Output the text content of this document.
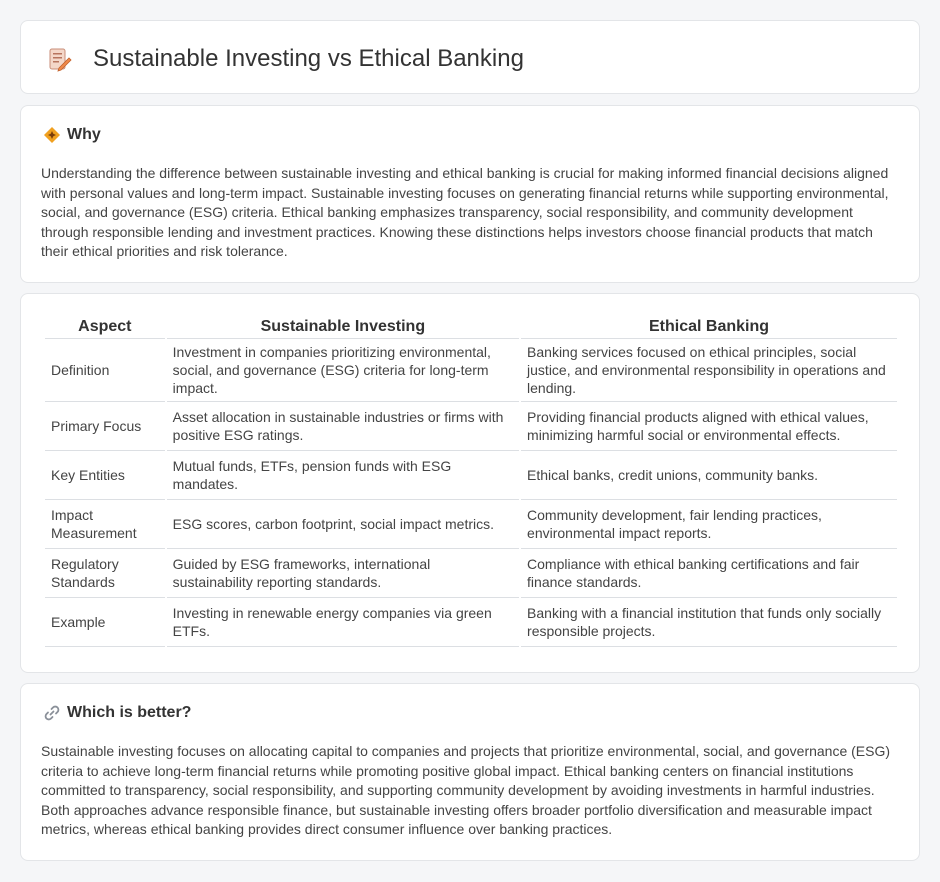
Sustainable Investing vs Ethical Banking
Why

Understanding the difference between sustainable investing and ethical banking is crucial for making informed financial decisions aligned with personal values and long-term impact. Sustainable investing focuses on generating financial returns while supporting environmental, social, and governance (ESG) criteria. Ethical banking emphasizes transparency, social responsibility, and community development through responsible lending and investment practices. Knowing these distinctions helps investors choose financial products that match their ethical priorities and risk tolerance.

Aspect	Sustainable Investing	Ethical Banking
Definition	Investment in companies prioritizing environmental, social, and governance (ESG) criteria for long-term impact.	Banking services focused on ethical principles, social justice, and environmental responsibility in operations and lending.
Primary Focus	Asset allocation in sustainable industries or firms with positive ESG ratings.	Providing financial products aligned with ethical values, minimizing harmful social or environmental effects.
Key Entities	Mutual funds, ETFs, pension funds with ESG mandates.	Ethical banks, credit unions, community banks.
Impact Measurement	ESG scores, carbon footprint, social impact metrics.	Community development, fair lending practices, environmental impact reports.
Regulatory Standards	Guided by ESG frameworks, international sustainability reporting standards.	Compliance with ethical banking certifications and fair finance standards.
Example	Investing in renewable energy companies via green ETFs.	Banking with a financial institution that funds only socially responsible projects.
Which is better?

Sustainable investing focuses on allocating capital to companies and projects that prioritize environmental, social, and governance (ESG) criteria to achieve long-term financial returns while promoting positive global impact. Ethical banking centers on financial institutions committed to transparency, social responsibility, and supporting community development by avoiding investments in harmful industries. Both approaches advance responsible finance, but sustainable investing offers broader portfolio diversification and measurable impact metrics, whereas ethical banking provides direct consumer influence over banking practices.
